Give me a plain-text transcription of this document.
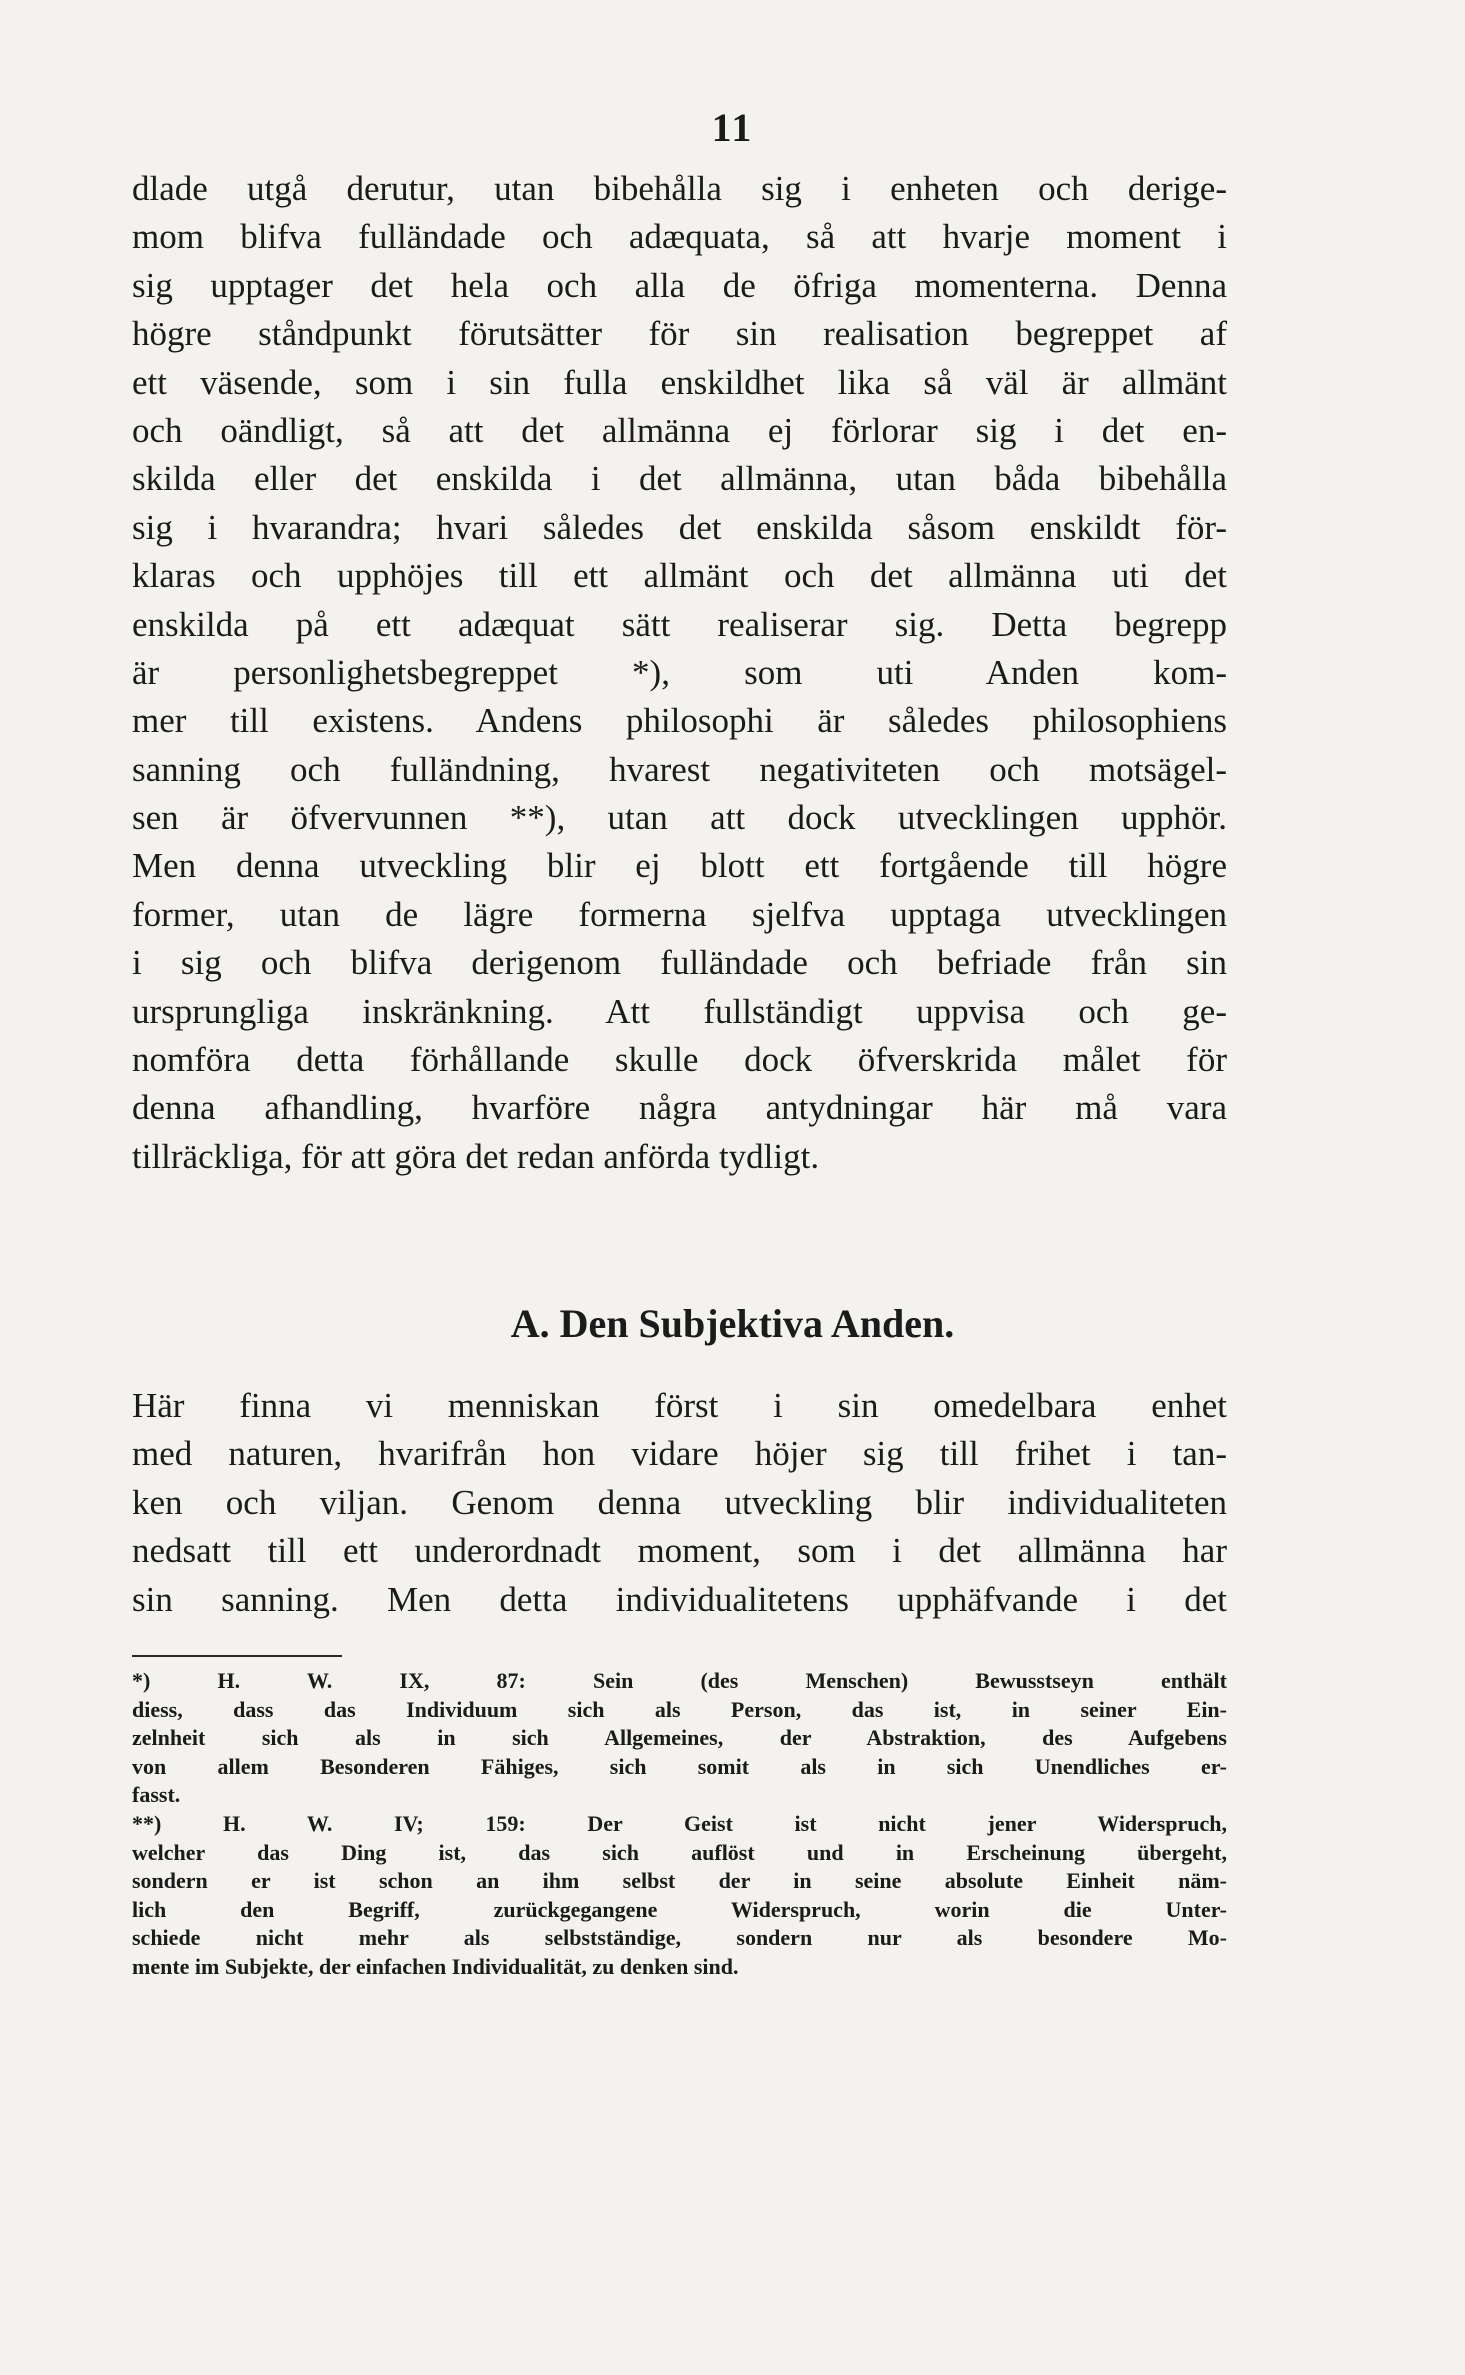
11
dlade utgå derutur, utan bibehålla sig i enheten och derige-
mom blifva fulländade och adæquata, så att hvarje moment i
sig upptager det hela och alla de öfriga momenterna. Denna
högre ståndpunkt förutsätter för sin realisation begreppet af
ett väsende, som i sin fulla enskildhet lika så väl är allmänt
och oändligt, så att det allmänna ej förlorar sig i det en-
skilda eller det enskilda i det allmänna, utan båda bibehålla
sig i hvarandra; hvari således det enskilda såsom enskildt för-
klaras och upphöjes till ett allmänt och det allmänna uti det
enskilda på ett adæquat sätt realiserar sig. Detta begrepp
är personlighetsbegreppet *), som uti Anden kom-
mer till existens. Andens philosophi är således philosophiens
sanning och fulländning, hvarest negativiteten och motsägel-
sen är öfvervunnen **), utan att dock utvecklingen upphör.
Men denna utveckling blir ej blott ett fortgående till högre
former, utan de lägre formerna sjelfva upptaga utvecklingen
i sig och blifva derigenom fulländade och befriade från sin
ursprungliga inskränkning. Att fullständigt uppvisa och ge-
nomföra detta förhållande skulle dock öfverskrida målet för
denna afhandling, hvarföre några antydningar här må vara
tillräckliga, för att göra det redan anförda tydligt.
A. Den Subjektiva Anden.
Här finna vi menniskan först i sin omedelbara enhet
med naturen, hvarifrån hon vidare höjer sig till frihet i tan-
ken och viljan. Genom denna utveckling blir individualiteten
nedsatt till ett underordnadt moment, som i det allmänna har
sin sanning. Men detta individualitetens upphäfvande i det
*) H. W. IX, 87: Sein (des Menschen) Bewusstseyn enthält
diess, dass das Individuum sich als Person, das ist, in seiner Ein-
zelnheit sich als in sich Allgemeines, der Abstraktion, des Aufgebens
von allem Besonderen Fähiges, sich somit als in sich Unendliches er-
fasst.
**) H. W. IV; 159: Der Geist ist nicht jener Widerspruch,
welcher das Ding ist, das sich auflöst und in Erscheinung übergeht,
sondern er ist schon an ihm selbst der in seine absolute Einheit näm-
lich den Begriff, zurückgegangene Widerspruch, worin die Unter-
schiede nicht mehr als selbstständige, sondern nur als besondere Mo-
mente im Subjekte, der einfachen Individualität, zu denken sind.
